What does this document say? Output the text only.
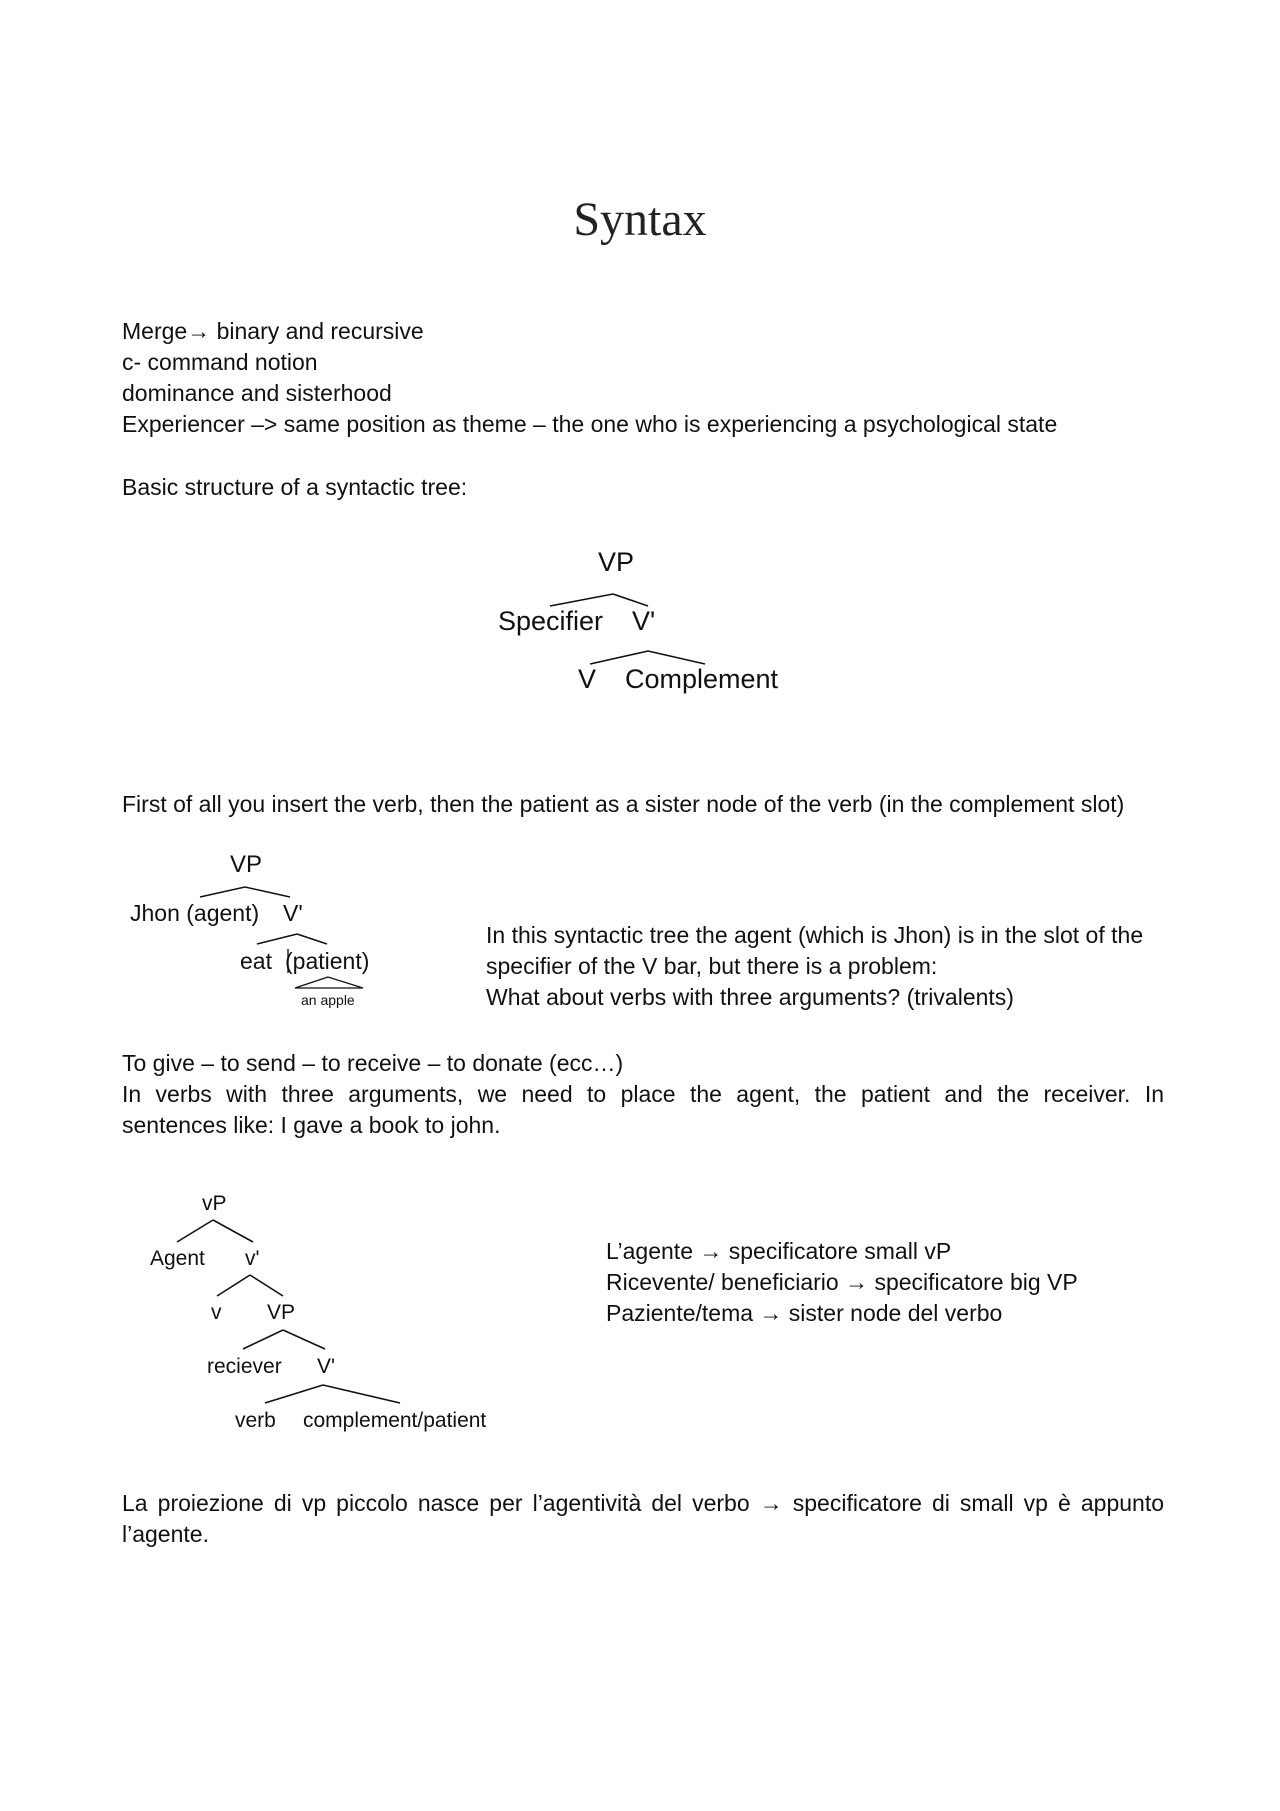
Syntax
Merge→ binary and recursive
c- command notion
dominance and sisterhood
Experiencer –> same position as theme – the one who is experiencing a psychological state
Basic structure of a syntactic tree:
VP
Specifier V'
V Complement
First of all you insert the verb, then the patient as a sister node of the verb (in the complement slot)
VP
Jhon (agent) V'
eat (patient)
an apple
In this syntactic tree the agent (which is Jhon) is in the slot of the
specifier of the V bar, but there is a problem:
What about verbs with three arguments? (trivalents)
To give – to send – to receive – to donate (ecc…)
In verbs with three arguments, we need to place the agent, the patient and the receiver. In
sentences like: I gave a book to john.
vP
Agent v'
v VP
reciever V'
verb complement/patient
L’agente → specificatore small vP
Ricevente/ beneficiario → specificatore big VP
Paziente/tema → sister node del verbo
La proiezione di vp piccolo nasce per l’agentività del verbo → specificatore di small vp è appunto
l’agente.
